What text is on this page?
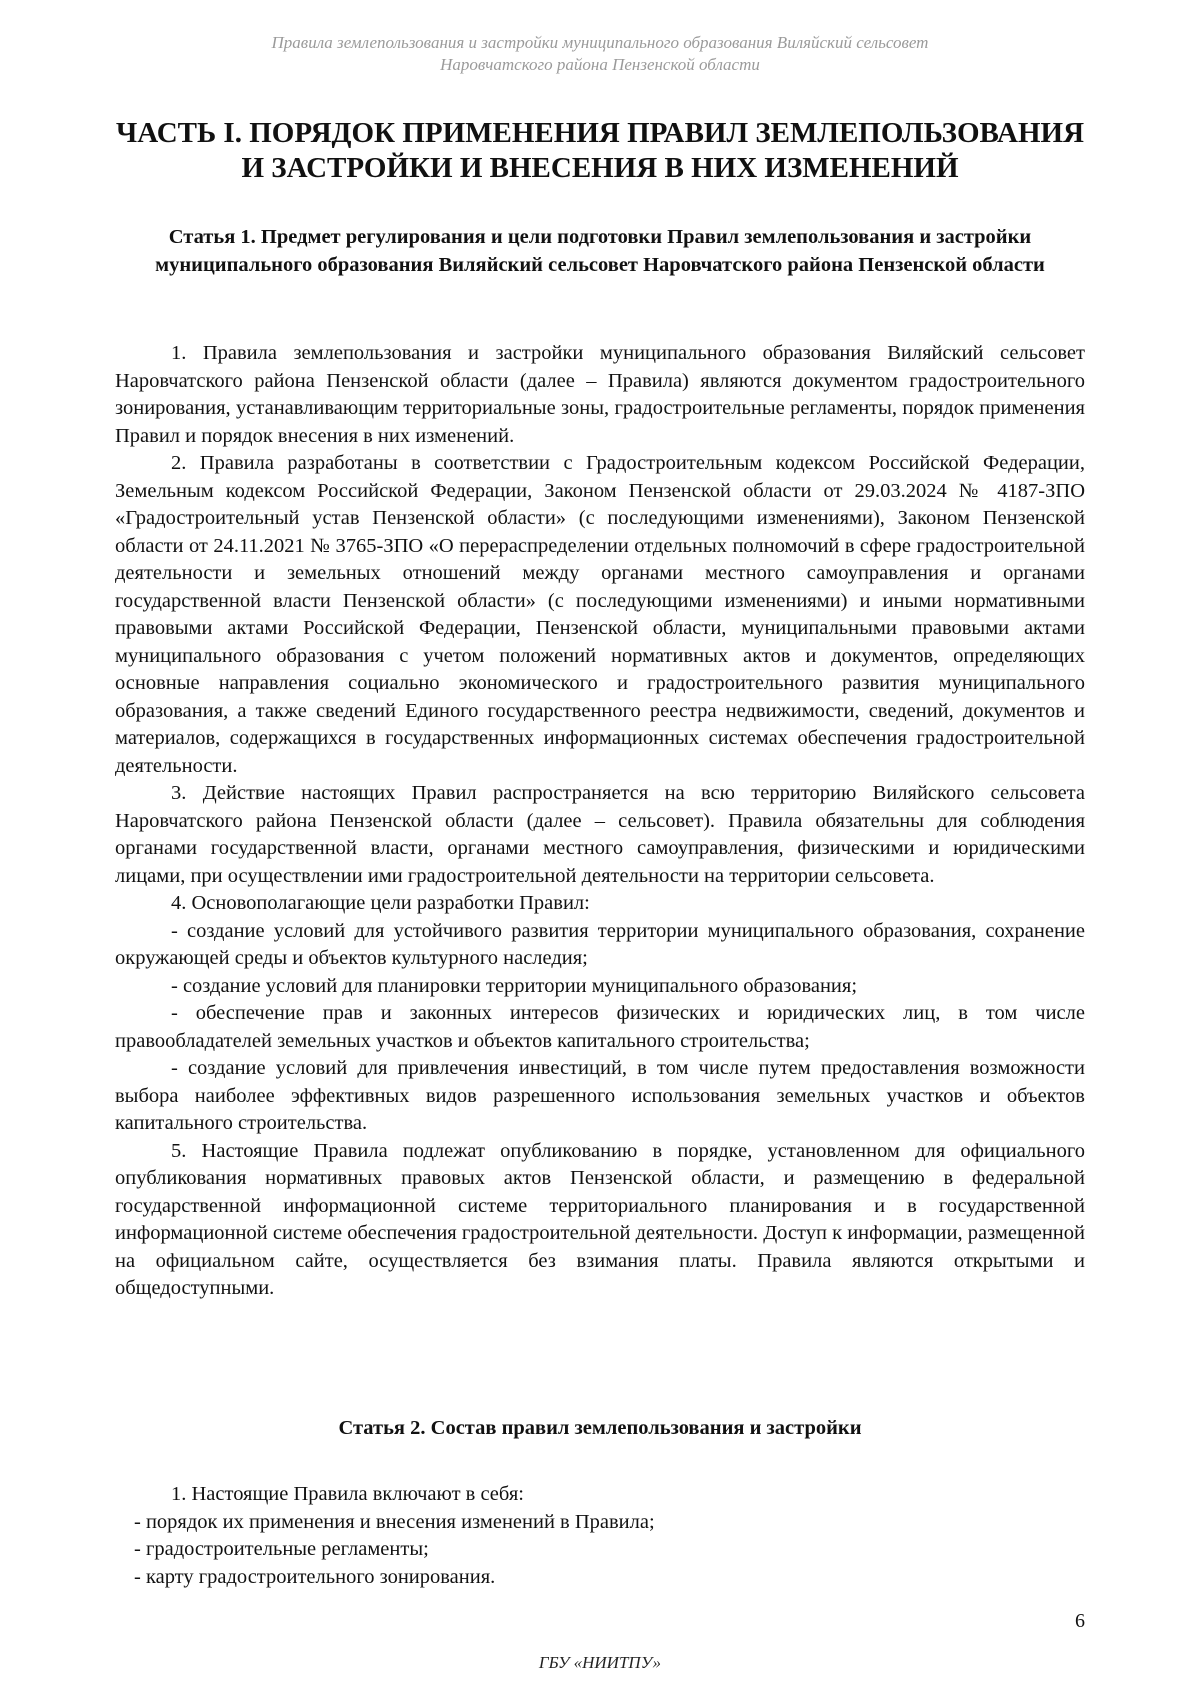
Правила землепользования и застройки муниципального образования Виляйский сельсовет
Наровчатского района Пензенской области
ЧАСТЬ I. ПОРЯДОК ПРИМЕНЕНИЯ ПРАВИЛ ЗЕМЛЕПОЛЬЗОВАНИЯ И ЗАСТРОЙКИ И ВНЕСЕНИЯ В НИХ ИЗМЕНЕНИЙ
Статья 1. Предмет регулирования и цели подготовки Правил землепользования и застройки муниципального образования Виляйский сельсовет Наровчатского района Пензенской области

1. Правила землепользования и застройки муниципального образования Виляйский сельсовет Наровчатского района Пензенской области (далее – Правила) являются документом градостроительного зонирования, устанавливающим территориальные зоны, градостроительные регламенты, порядок применения Правил и порядок внесения в них изменений.

2. Правила разработаны в соответствии с Градостроительным кодексом Российской Федерации, Земельным кодексом Российской Федерации, Законом Пензенской области от 29.03.2024 № 4187-ЗПО «Градостроительный устав Пензенской области» (с последующими изменениями), Законом Пензенской области от 24.11.2021 № 3765-ЗПО «О перераспределении отдельных полномочий в сфере градостроительной деятельности и земельных отношений между органами местного самоуправления и органами государственной власти Пензенской области» (с последующими изменениями) и иными нормативными правовыми актами Российской Федерации, Пензенской области, муниципальными правовыми актами муниципального образования с учетом положений нормативных актов и документов, определяющих основные направления социально экономического и градостроительного развития муниципального образования, а также сведений Единого государственного реестра недвижимости, сведений, документов и материалов, содержащихся в государственных информационных системах обеспечения градостроительной деятельности.

3. Действие настоящих Правил распространяется на всю территорию Виляйского сельсовета Наровчатского района Пензенской области (далее – сельсовет). Правила обязательны для соблюдения органами государственной власти, органами местного самоуправления, физическими и юридическими лицами, при осуществлении ими градостроительной деятельности на территории сельсовета.

4. Основополагающие цели разработки Правил:

- создание условий для устойчивого развития территории муниципального образования, сохранение окружающей среды и объектов культурного наследия;

- создание условий для планировки территории муниципального образования;

- обеспечение прав и законных интересов физических и юридических лиц, в том числе правообладателей земельных участков и объектов капитального строительства;

- создание условий для привлечения инвестиций, в том числе путем предоставления возможности выбора наиболее эффективных видов разрешенного использования земельных участков и объектов капитального строительства.

5. Настоящие Правила подлежат опубликованию в порядке, установленном для официального опубликования нормативных правовых актов Пензенской области, и размещению в федеральной государственной информационной системе территориального планирования и в государственной информационной системе обеспечения градостроительной деятельности. Доступ к информации, размещенной на официальном сайте, осуществляется без взимания платы. Правила являются открытыми и общедоступными.

Статья 2. Состав правил землепользования и застройки

1. Настоящие Правила включают в себя:

- порядок их применения и внесения изменений в Правила;

- градостроительные регламенты;

- карту градостроительного зонирования.

6
ГБУ «НИИТПУ»
